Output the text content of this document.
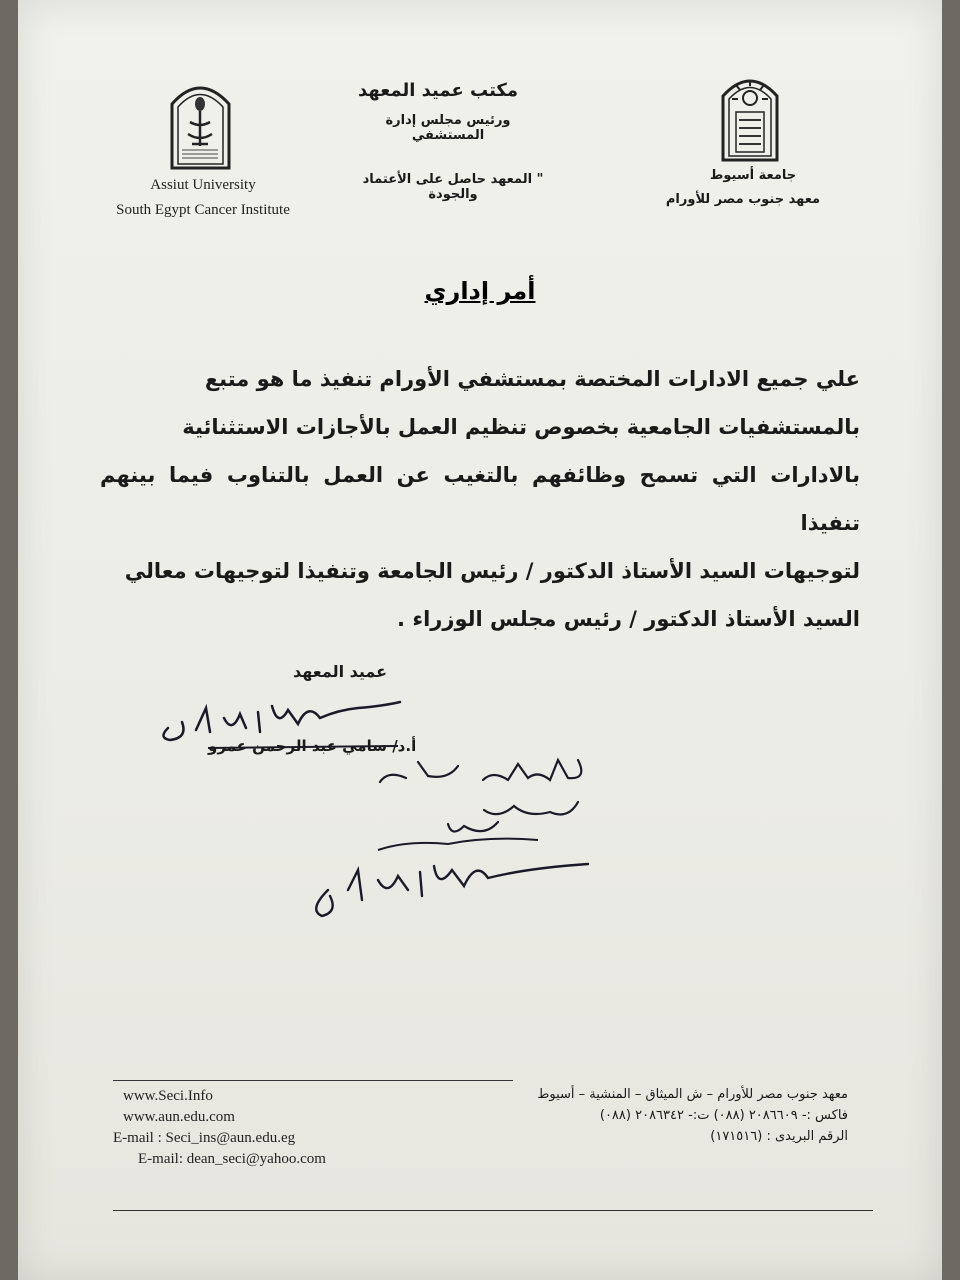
Assiut University
South Egypt Cancer Institute
مكتب عميد المعهد
ورئيس مجلس إدارة المستشفي
" المعهد حاصل على الأعتماد والجودة
جامعة أسيوط
معهد جنوب مصر للأورام
أمر إداري
علي جميع الادارات المختصة بمستشفي الأورام تنفيذ ما هو متبع
بالمستشفيات الجامعية بخصوص تنظيم العمل بالأجازات الاستثنائية
بالادارات التي تسمح وظائفهم بالتغيب عن العمل بالتناوب فيما بينهم تنفيذا
لتوجيهات السيد الأستاذ الدكتور / رئيس الجامعة وتنفيذا لتوجيهات معالي
السيد الأستاذ الدكتور / رئيس مجلس الوزراء .
عميد المعهد
أ.د/ سامي عبد الرحمن عمرو
www.Seci.Info
www.aun.edu.com
E-mail : Seci_ins@aun.edu.eg
E-mail: dean_seci@yahoo.com
معهد جنوب مصر للأورام – ش الميثاق – المنشية – أسيوط
فاكس :- ٢٠٨٦٦٠٩ (٠٨٨) ت:- ٢٠٨٦٣٤٢ (٠٨٨)
الرقم البريدى : (١٧١٥١٦)
